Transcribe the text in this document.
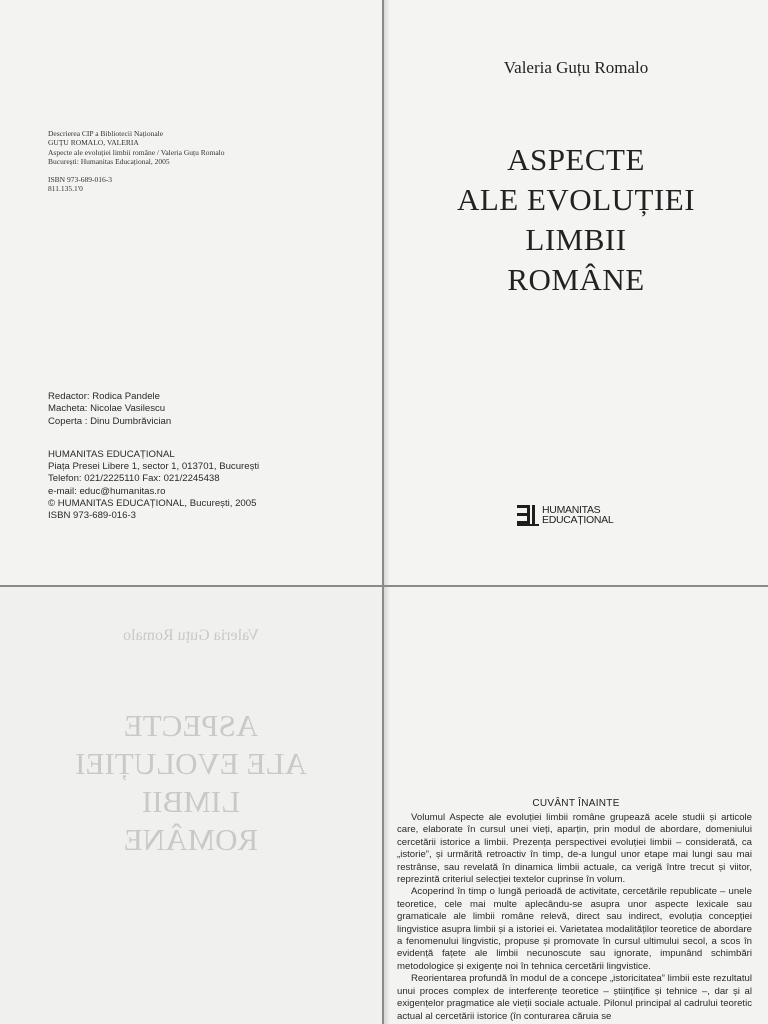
Descrierea CIP a Bibliotecii Naționale
GUȚU ROMALO, VALERIA
Aspecte ale evoluției limbii române / Valeria Guțu Romalo
București: Humanitas Educațional, 2005
ISBN 973-689-016-3
811.135.1'0
Redactor: Rodica Pandele
Macheta: Nicolae Vasilescu
Coperta : Dinu Dumbrăvician
HUMANITAS EDUCAȚIONAL
Piața Presei Libere 1, sector 1, 013701, București
Telefon: 021/2225110 Fax: 021/2245438
e-mail: educ@humanitas.ro
© HUMANITAS EDUCAȚIONAL, București, 2005
ISBN 973-689-016-3
Valeria Guțu Romalo
ASPECTE
ALE EVOLUȚIEI
LIMBII
ROMÂNE
HUMANITAS
EDUCAȚIONAL
Valeria Guțu Romalo
ASPECTE
ALE EVOLUȚIEI
LIMBII
ROMÂNE
CUVÂNT ÎNAINTE

Volumul Aspecte ale evoluției limbii române grupează acele studii și articole care, elaborate în cursul unei vieți, aparțin, prin modul de abordare, domeniului cercetării istorice a limbii. Prezența perspectivei evoluției limbii – considerată, ca „istorie”, și urmărită retroactiv în timp, de-a lungul unor etape mai lungi sau mai restrânse, sau revelată în dinamica limbii actuale, ca verigă între trecut și viitor, reprezintă criteriul selecției textelor cuprinse în volum.

Acoperind în timp o lungă perioadă de activitate, cercetările republicate – unele teoretice, cele mai multe aplecându-se asupra unor aspecte lexicale sau gramaticale ale limbii române relevă, direct sau indirect, evoluția concepției lingvistice asupra limbii și a istoriei ei. Varietatea modalităților teoretice de abordare a fenomenului lingvistic, propuse și promovate în cursul ultimului secol, a scos în evidență fațete ale limbii necunoscute sau ignorate, impunând schimbări metodologice și exigențe noi în tehnica cercetării lingvistice.

Reorientarea profundă în modul de a concepe „istoricitatea” limbii este rezultatul unui proces complex de interferențe teoretice – științifice și tehnice –, dar și al exigențelor pragmatice ale vieții sociale actuale. Pilonul principal al cadrului teoretic actual al cercetării istorice (în conturarea căruia se
